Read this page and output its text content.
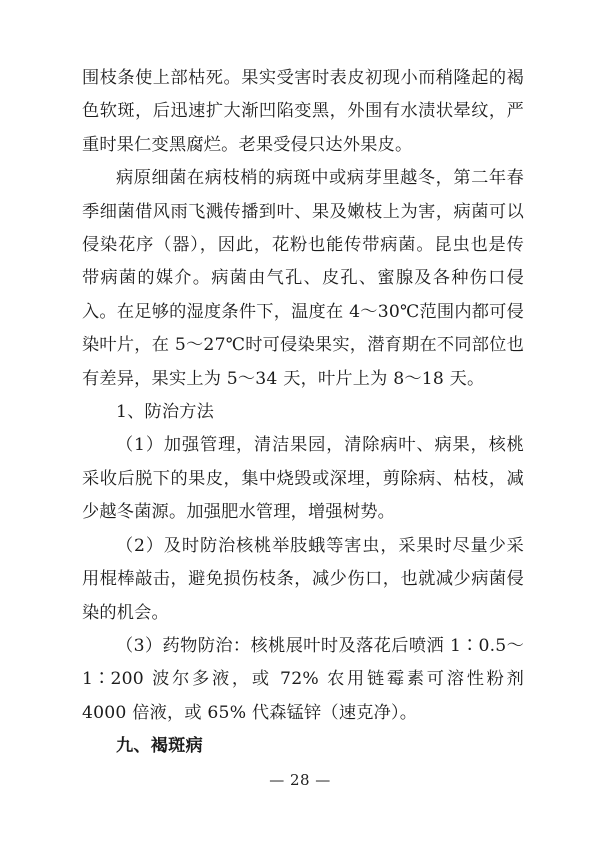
围枝条使上部枯死。果实受害时表皮初现小而稍隆起的褐色软斑，后迅速扩大渐凹陷变黑，外围有水渍状晕纹，严重时果仁变黑腐烂。老果受侵只达外果皮。

病原细菌在病枝梢的病斑中或病芽里越冬，第二年春季细菌借风雨飞溅传播到叶、果及嫩枝上为害，病菌可以侵染花序（器），因此，花粉也能传带病菌。昆虫也是传带病菌的媒介。病菌由气孔、皮孔、蜜腺及各种伤口侵入。在足够的湿度条件下，温度在 4～30℃范围内都可侵染叶片，在 5～27℃时可侵染果实，潜育期在不同部位也有差异，果实上为 5～34 天，叶片上为 8～18 天。

1、防治方法

（1）加强管理，清洁果园，清除病叶、病果，核桃采收后脱下的果皮，集中烧毁或深埋，剪除病、枯枝，减少越冬菌源。加强肥水管理，增强树势。

（2）及时防治核桃举肢蛾等害虫，采果时尽量少采用棍棒敲击，避免损伤枝条，减少伤口，也就减少病菌侵染的机会。

（3）药物防治：核桃展叶时及落花后喷洒 1∶0.5～1∶200 波尔多液，或 72% 农用链霉素可溶性粉剂 4000 倍液，或 65% 代森锰锌（速克净）。

九、褐斑病

— 28 —
